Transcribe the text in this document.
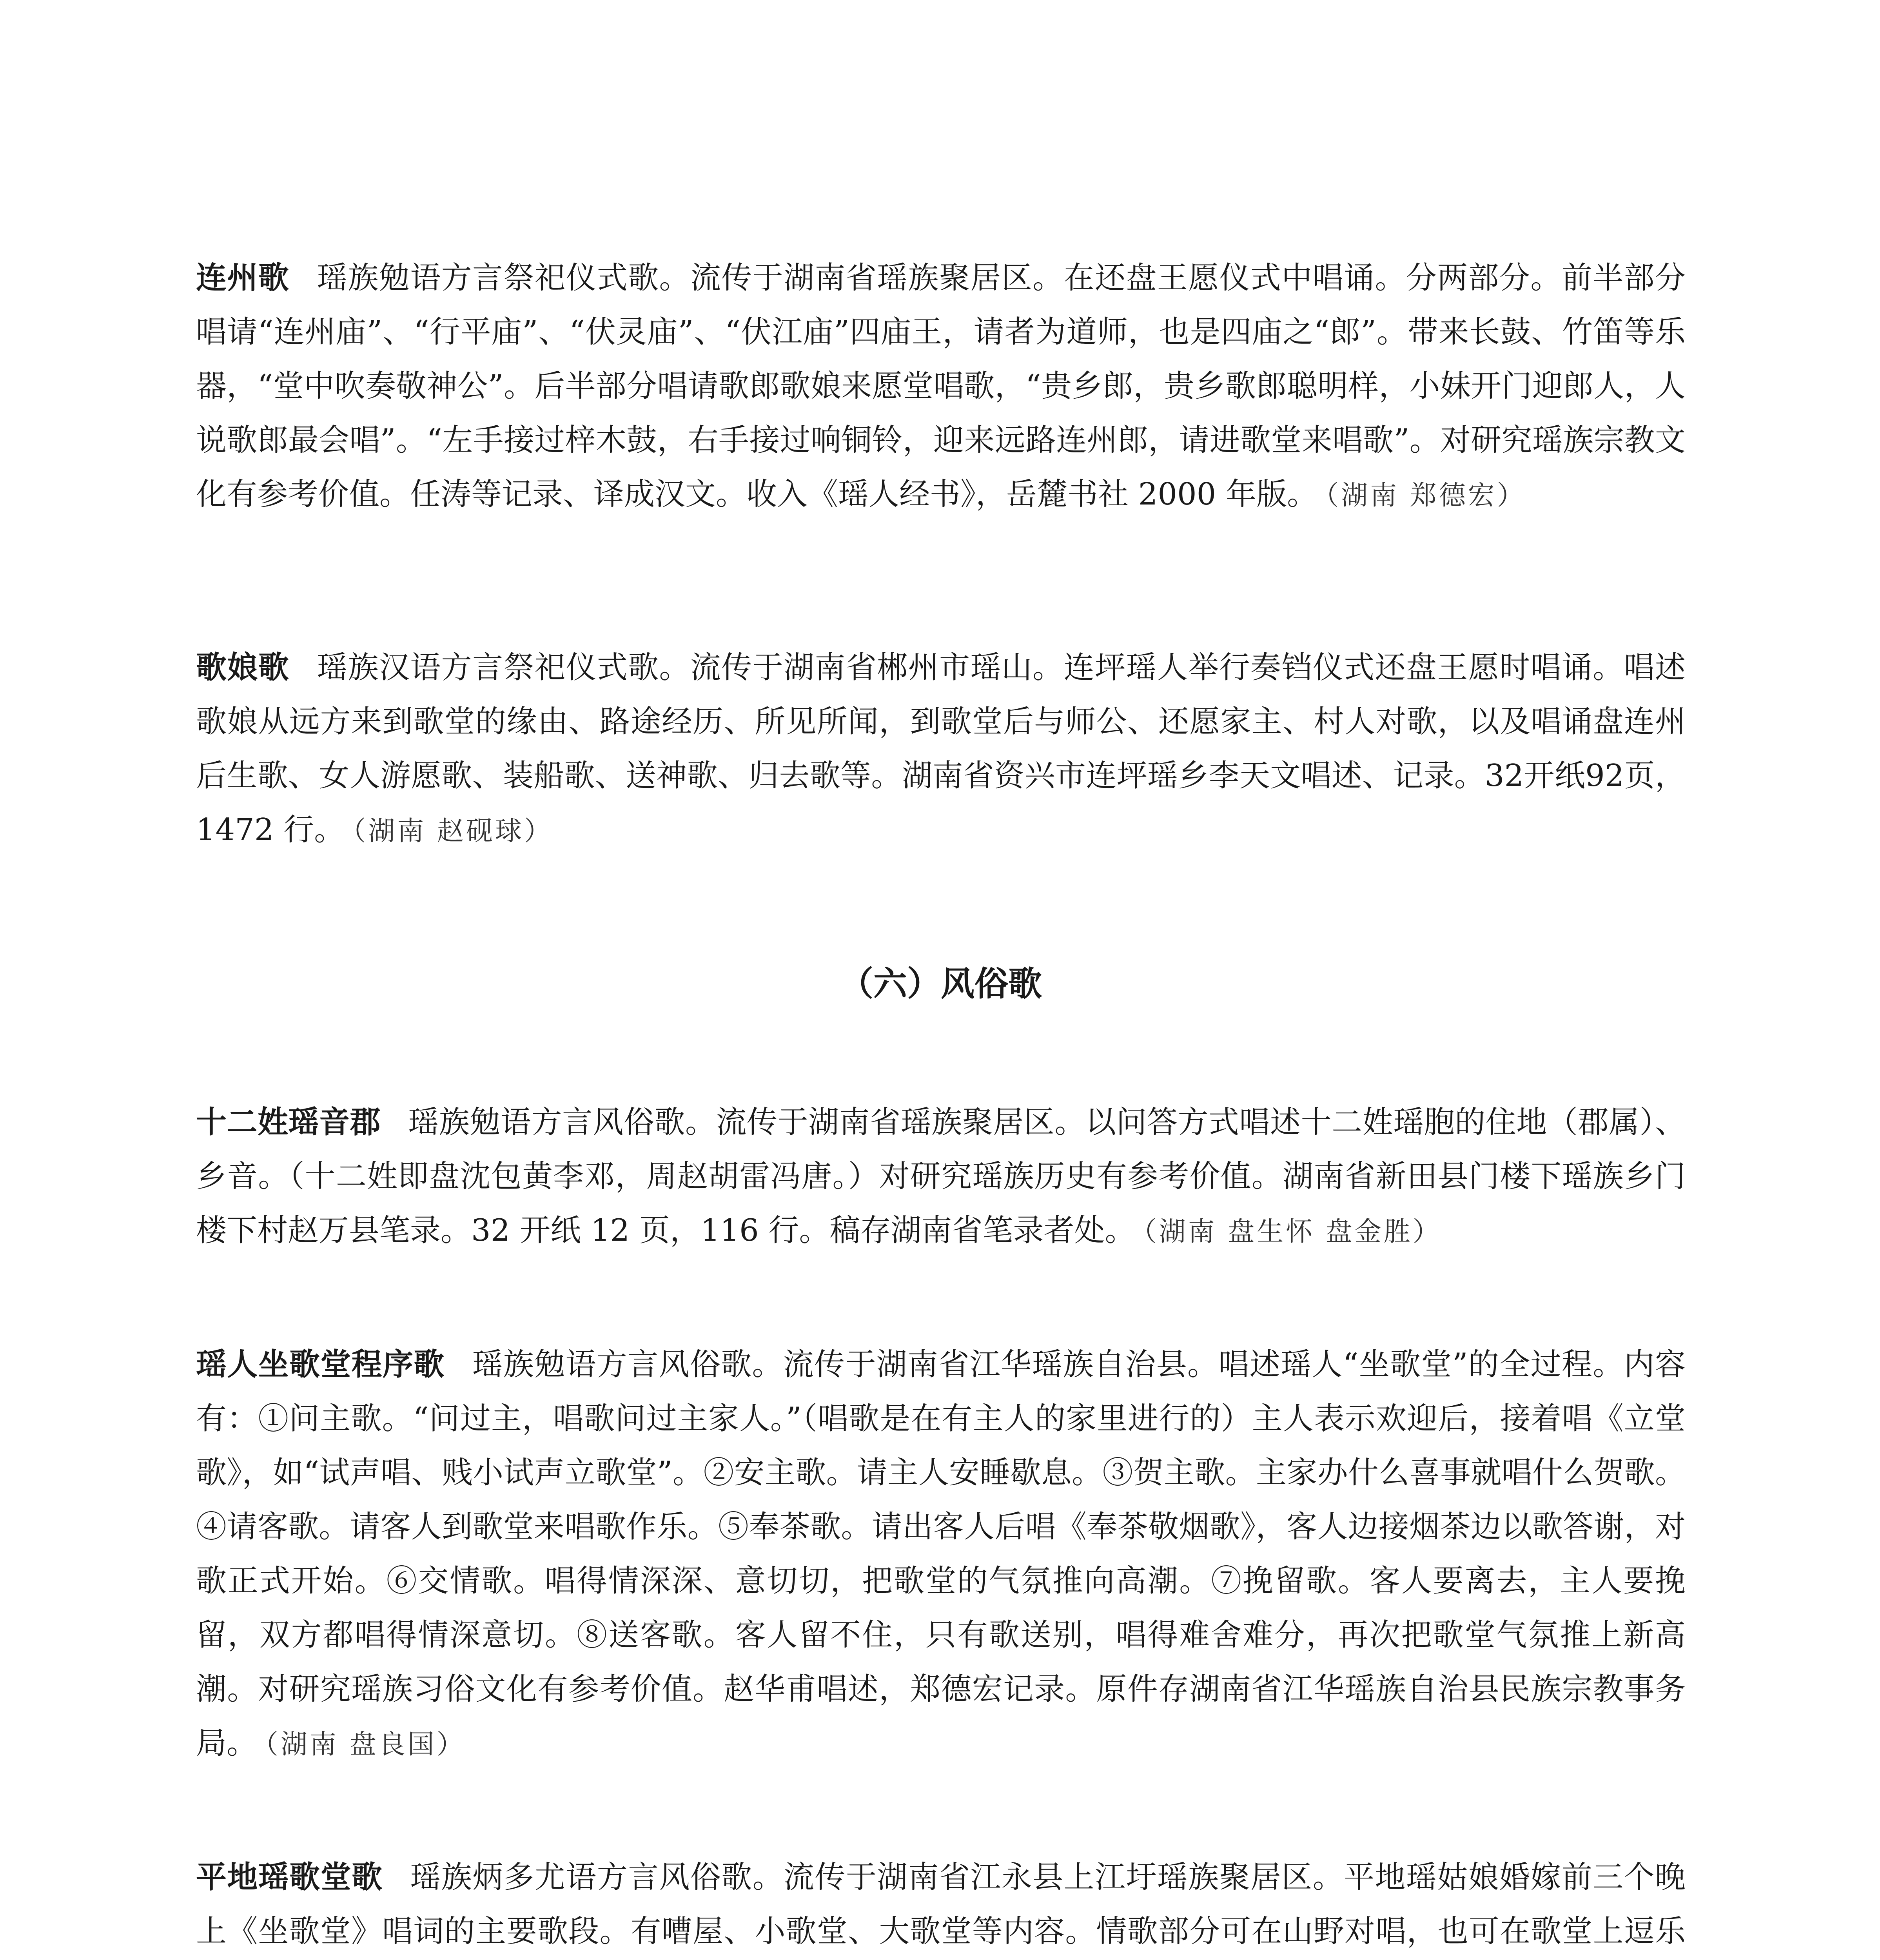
连州歌 瑶族勉语方言祭祀仪式歌。流传于湖南省瑶族聚居区。在还盘王愿仪式中唱诵。分两部分。前半部分唱请“连州庙”、“行平庙”、“伏灵庙”、“伏江庙”四庙王，请者为道师，也是四庙之“郎”。带来长鼓、竹笛等乐器，“堂中吹奏敬神公”。后半部分唱请歌郎歌娘来愿堂唱歌，“贵乡郎，贵乡歌郎聪明样，小妹开门迎郎人，人说歌郎最会唱”。“左手接过梓木鼓，右手接过响铜铃，迎来远路连州郎，请进歌堂来唱歌”。对研究瑶族宗教文化有参考价值。任涛等记录、译成汉文。收入《瑶人经书》，岳麓书社 2000 年版。 （湖南 郑德宏）

歌娘歌 瑶族汉语方言祭祀仪式歌。流传于湖南省郴州市瑶山。连坪瑶人举行奏铛仪式还盘王愿时唱诵。唱述歌娘从远方来到歌堂的缘由、路途经历、所见所闻，到歌堂后与师公、还愿家主、村人对歌，以及唱诵盘连州后生歌、女人游愿歌、装船歌、送神歌、归去歌等。湖南省资兴市连坪瑶乡李天文唱述、记录。32开纸92页，1472 行。 （湖南 赵砚球）

（六）风俗歌

十二姓瑶音郡 瑶族勉语方言风俗歌。流传于湖南省瑶族聚居区。以问答方式唱述十二姓瑶胞的住地（郡属）、乡音。（十二姓即盘沈包黄李邓，周赵胡雷冯唐。）对研究瑶族历史有参考价值。湖南省新田县门楼下瑶族乡门楼下村赵万县笔录。32 开纸 12 页，116 行。稿存湖南省笔录者处。 （湖南 盘生怀 盘金胜）

瑶人坐歌堂程序歌 瑶族勉语方言风俗歌。流传于湖南省江华瑶族自治县。唱述瑶人“坐歌堂”的全过程。内容有：①问主歌。“问过主，唱歌问过主家人。”（唱歌是在有主人的家里进行的）主人表示欢迎后，接着唱《立堂歌》，如“试声唱、贱小试声立歌堂”。②安主歌。请主人安睡歇息。③贺主歌。主家办什么喜事就唱什么贺歌。④请客歌。请客人到歌堂来唱歌作乐。⑤奉茶歌。请出客人后唱《奉茶敬烟歌》，客人边接烟茶边以歌答谢，对歌正式开始。⑥交情歌。唱得情深深、意切切，把歌堂的气氛推向高潮。⑦挽留歌。客人要离去，主人要挽留，双方都唱得情深意切。⑧送客歌。客人留不住，只有歌送别，唱得难舍难分，再次把歌堂气氛推上新高潮。对研究瑶族习俗文化有参考价值。赵华甫唱述，郑德宏记录。原件存湖南省江华瑶族自治县民族宗教事务局。 （湖南 盘良国）

平地瑶歌堂歌 瑶族炳多尤语方言风俗歌。流传于湖南省江永县上江圩瑶族聚居区。平地瑶姑娘婚嫁前三个晚上《坐歌堂》唱词的主要歌段。有嘈屋、小歌堂、大歌堂等内容。情歌部分可在山野对唱，也可在歌堂上逗乐
